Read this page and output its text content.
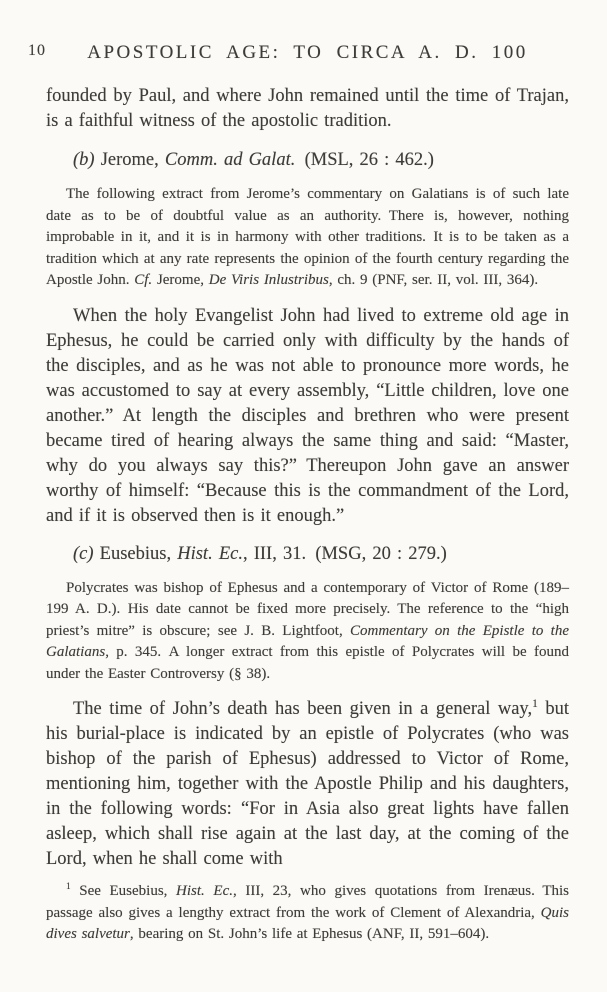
10	APOSTOLIC AGE: TO CIRCA A. D. 100

founded by Paul, and where John remained until the time of Trajan, is a faithful witness of the apostolic tradition.

(b) Jerome, Comm. ad Galat. (MSL, 26 : 462.)

The following extract from Jerome’s commentary on Galatians is of such late date as to be of doubtful value as an authority. There is, however, nothing improbable in it, and it is in harmony with other traditions. It is to be taken as a tradition which at any rate represents the opinion of the fourth century regarding the Apostle John. Cf. Jerome, De Viris Inlustribus, ch. 9 (PNF, ser. II, vol. III, 364).

When the holy Evangelist John had lived to extreme old age in Ephesus, he could be carried only with difficulty by the hands of the disciples, and as he was not able to pronounce more words, he was accustomed to say at every assembly, “Little children, love one another.” At length the disciples and brethren who were present became tired of hearing always the same thing and said: “Master, why do you always say this?” Thereupon John gave an answer worthy of himself: “Because this is the commandment of the Lord, and if it is observed then is it enough.”

(c) Eusebius, Hist. Ec., III, 31. (MSG, 20 : 279.)

Polycrates was bishop of Ephesus and a contemporary of Victor of Rome (189–199 A. D.). His date cannot be fixed more precisely. The reference to the “high priest’s mitre” is obscure; see J. B. Lightfoot, Commentary on the Epistle to the Galatians, p. 345. A longer extract from this epistle of Polycrates will be found under the Easter Controversy (§ 38).

The time of John’s death has been given in a general way,$^1$ but his burial-place is indicated by an epistle of Polycrates (who was bishop of the parish of Ephesus) addressed to Victor of Rome, mentioning him, together with the Apostle Philip and his daughters, in the following words: “For in Asia also great lights have fallen asleep, which shall rise again at the last day, at the coming of the Lord, when he shall come with

$^1$ See Eusebius, Hist. Ec., III, 23, who gives quotations from Irenæus. This passage also gives a lengthy extract from the work of Clement of Alexandria, Quis dives salvetur, bearing on St. John’s life at Ephesus (ANF, II, 591–604).
